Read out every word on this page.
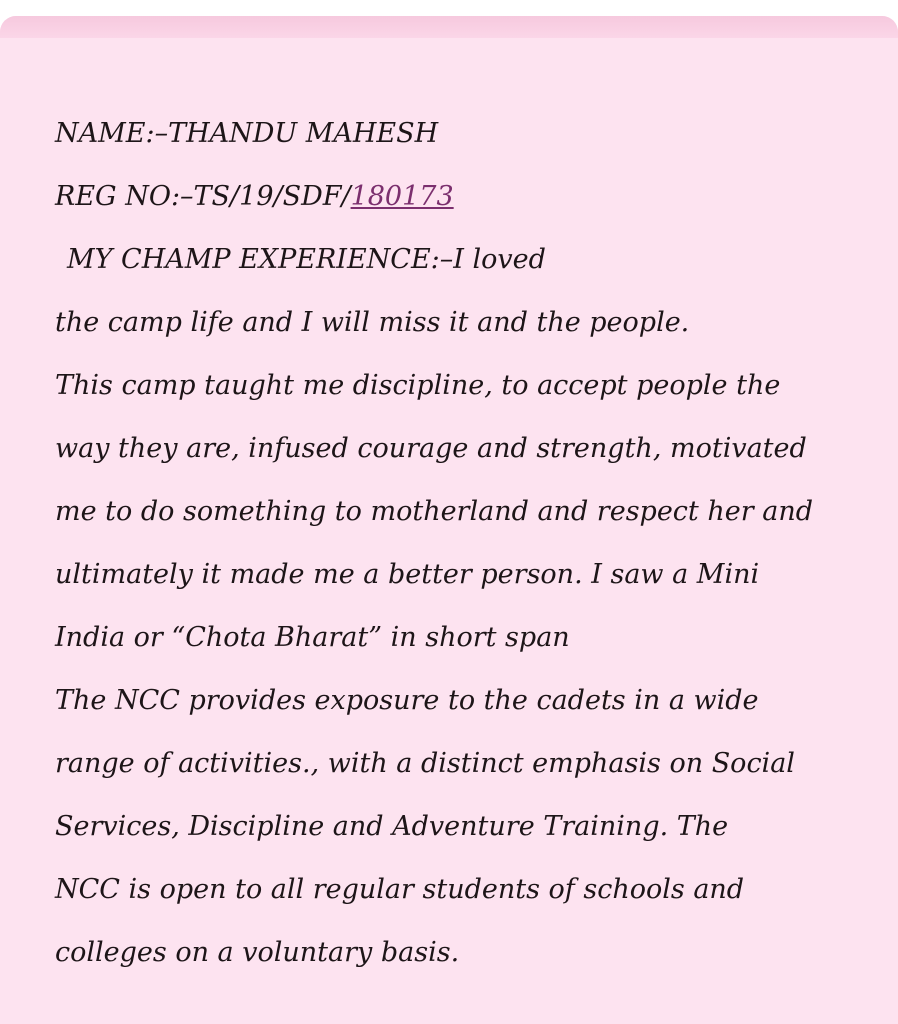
NAME:–THANDU MAHESH
REG NO:–TS/19/SDF/180173
MY CHAMP EXPERIENCE:–I loved
the camp life and I will miss it and the people.
This camp taught me discipline, to accept people the
way they are, infused courage and strength, motivated
me to do something to motherland and respect her and
ultimately it made me a better person. I saw a Mini
India or “Chota Bharat” in short span
The NCC provides exposure to the cadets in a wide
range of activities., with a distinct emphasis on Social
Services, Discipline and Adventure Training. The
NCC is open to all regular students of schools and
colleges on a voluntary basis.
